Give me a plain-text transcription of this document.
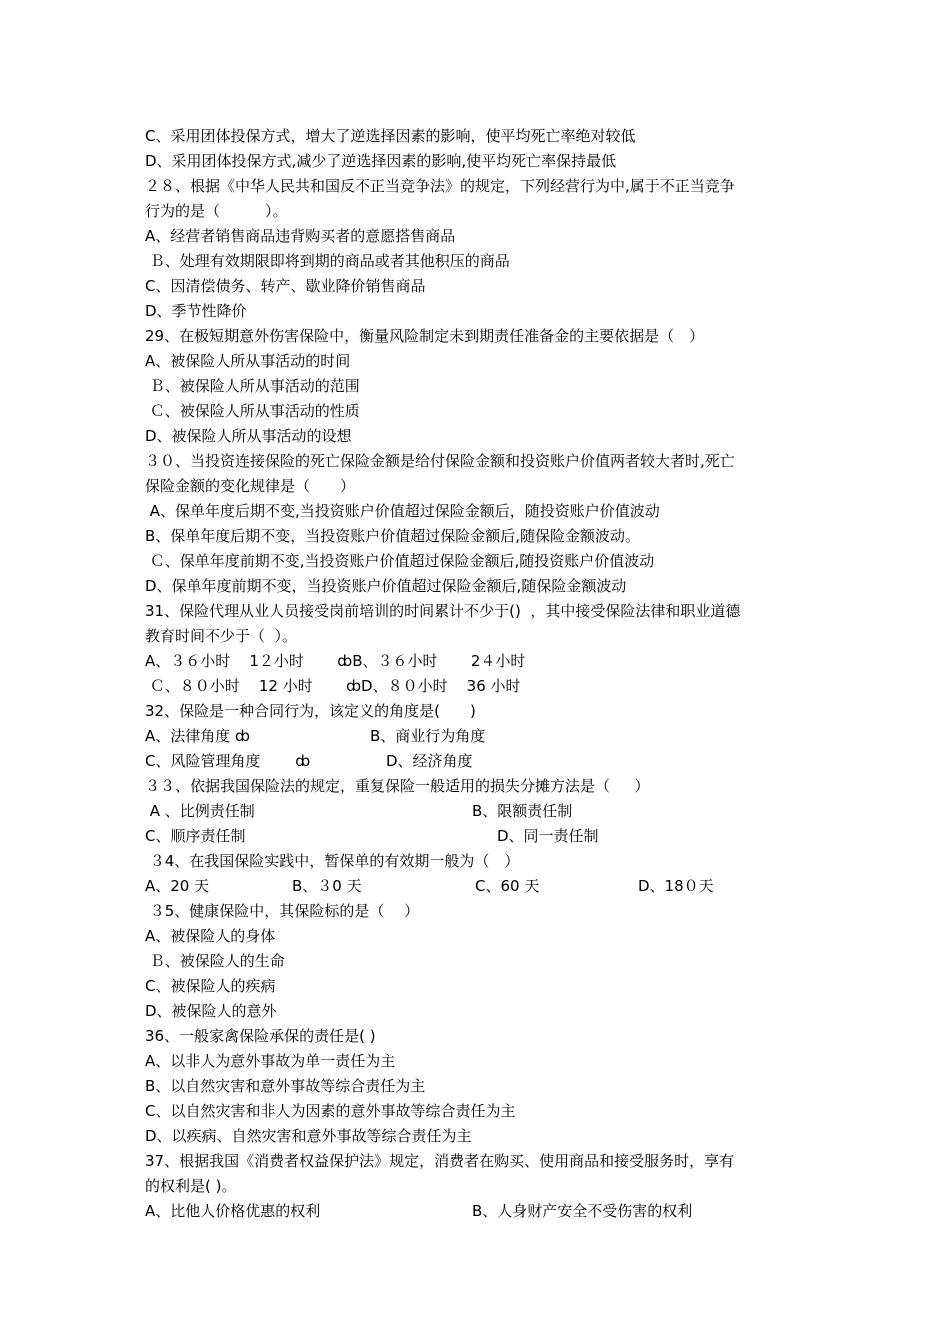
C、采用团体投保方式，增大了逆选择因素的影响，使平均死亡率绝对较低
D、采用团体投保方式,减少了逆选择因素的影响,使平均死亡率保持最低
２８、根据《中华人民共和国反不正当竞争法》的规定，下列经营行为中,属于不正当竞争
行为的是（　　　）。
A、经营者销售商品违背购买者的意愿搭售商品
Ｂ、处理有效期限即将到期的商品或者其他积压的商品
C、因清偿债务、转产、歇业降价销售商品
D、季节性降价
29、在极短期意外伤害保险中，衡量风险制定未到期责任准备金的主要依据是（　）
A、被保险人所从事活动的时间
Ｂ、被保险人所从事活动的范围
Ｃ、被保险人所从事活动的性质
D、被保险人所从事活动的设想
３０、当投资连接保险的死亡保险金额是给付保险金额和投资账户价值两者较大者时,死亡
保险金额的变化规律是（　　）
A、保单年度后期不变,当投资账户价值超过保险金额后，随投资账户价值波动
B、保单年度后期不变，当投资账户价值超过保险金额后,随保险金额波动。
Ｃ、保单年度前期不变,当投资账户价值超过保险金额后,随投资账户价值波动
D、保单年度前期不变，当投资账户价值超过保险金额后,随保险金额波动
31、保险代理从业人员接受岗前培训的时间累计不少于()  ，其中接受保险法律和职业道德
教育时间不少于（  ）。
A、３６小时    1２小时       ȸB、３６小时       2４小时
Ｃ、８０小时    12 小时       ȸD、８０小时    36 小时
32、保险是一种合同行为，该定义的角度是(　　)
A、法律角度 ȸ	B、商业行为角度
C、风险管理角度　　 ȸ	D、经济角度
３３、依据我国保险法的规定，重复保险一般适用的损失分摊方法是（　  ）
A 、比例责任制	B、限额责任制
C、顺序责任制	D、同一责任制
３4、在我国保险实践中，暂保单的有效期一般为（　）
A、20 天	B、３0 天	C、60 天	D、18０天
３5、健康保险中，其保险标的是（　 ）
A、被保险人的身体
Ｂ、被保险人的生命
C、被保险人的疾病
D、被保险人的意外
36、一般家禽保险承保的责任是( )
A、以非人为意外事故为单一责任为主
B、以自然灾害和意外事故等综合责任为主
C、以自然灾害和非人为因素的意外事故等综合责任为主
D、以疾病、自然灾害和意外事故等综合责任为主
37、根据我国《消费者权益保护法》规定，消费者在购买、使用商品和接受服务时，享有
的权利是( )。
A、比他人价格优惠的权利	B、人身财产安全不受伤害的权利
